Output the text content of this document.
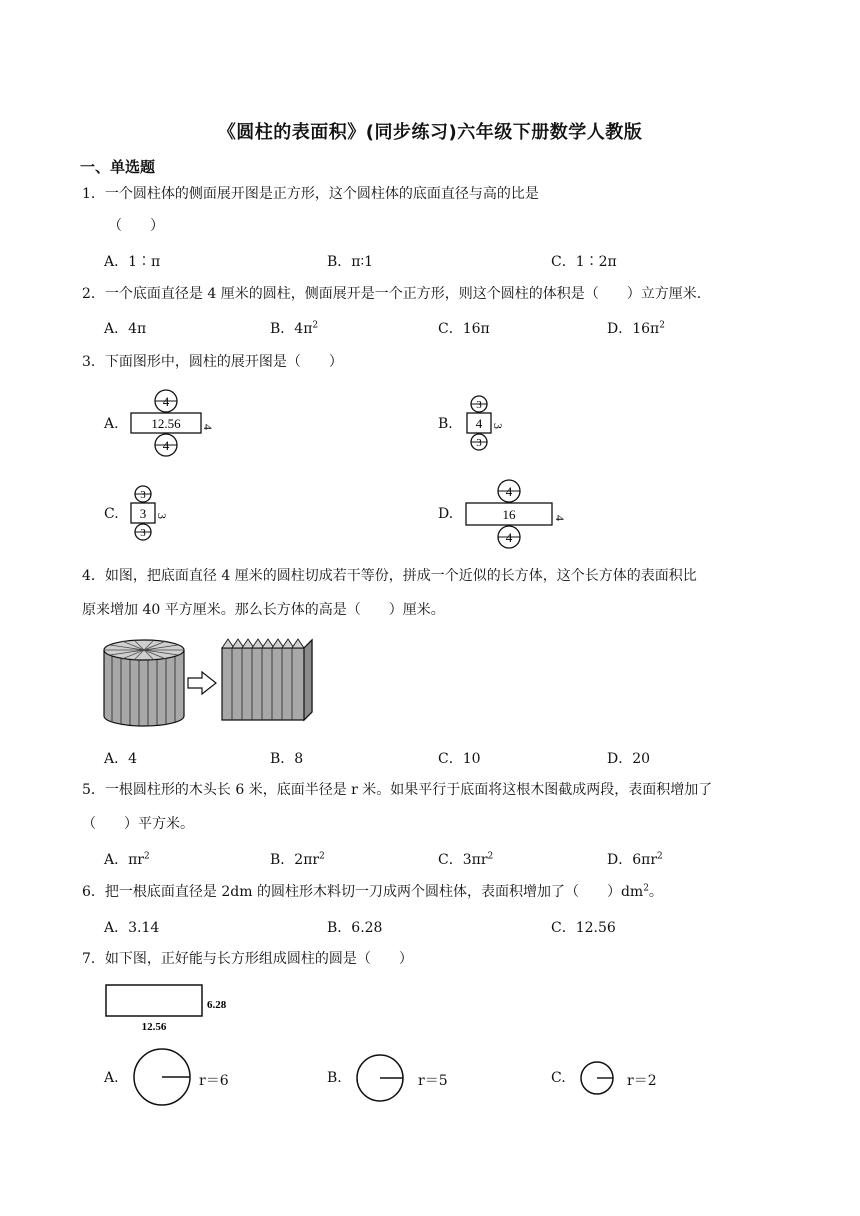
《圆柱的表面积》(同步练习)六年级下册数学人教版
一、单选题
1．一个圆柱体的侧面展开图是正方形，这个圆柱体的底面直径与高的比是
（　　）
A．1∶π	B．π∶1	C．1∶2π
2．一个底面直径是 4 厘米的圆柱，侧面展开是一个正方形，则这个圆柱的体积是（　　）立方厘米.
A．4π	B．$4\pi^2$	C．16π	D．$16\pi^2$
3．下面图形中，圆柱的展开图是（　　）
A.
4
12.56 4
4
B.
3
4 3
3
C.
3
3 3
3
D.
4
16	4
4
4．如图，把底面直径 4 厘米的圆柱切成若干等份，拼成一个近似的长方体，这个长方体的表面积比
原来增加 40 平方厘米。那么长方体的高是（　　）厘米。
A．4	B．8	C．10	D．20
5．一根圆柱形的木头长 6 米，底面半径是 r 米。如果平行于底面将这根木图截成两段，表面积增加了
（　　）平方米。
A．$\pi r^2$	B．$2\pi r^2$	C．$3\pi r^2$	D．$6\pi r^2$
6．把一根底面直径是 2dm 的圆柱形木料切一刀成两个圆柱体，表面积增加了（　　）$dm^2$。
A．3.14	B．6.28	C．12.56
7．如下图，正好能与长方形组成圆柱的圆是（　　）
6.28
12.56
A.	r＝6	B.	r＝5	C.	r＝2
